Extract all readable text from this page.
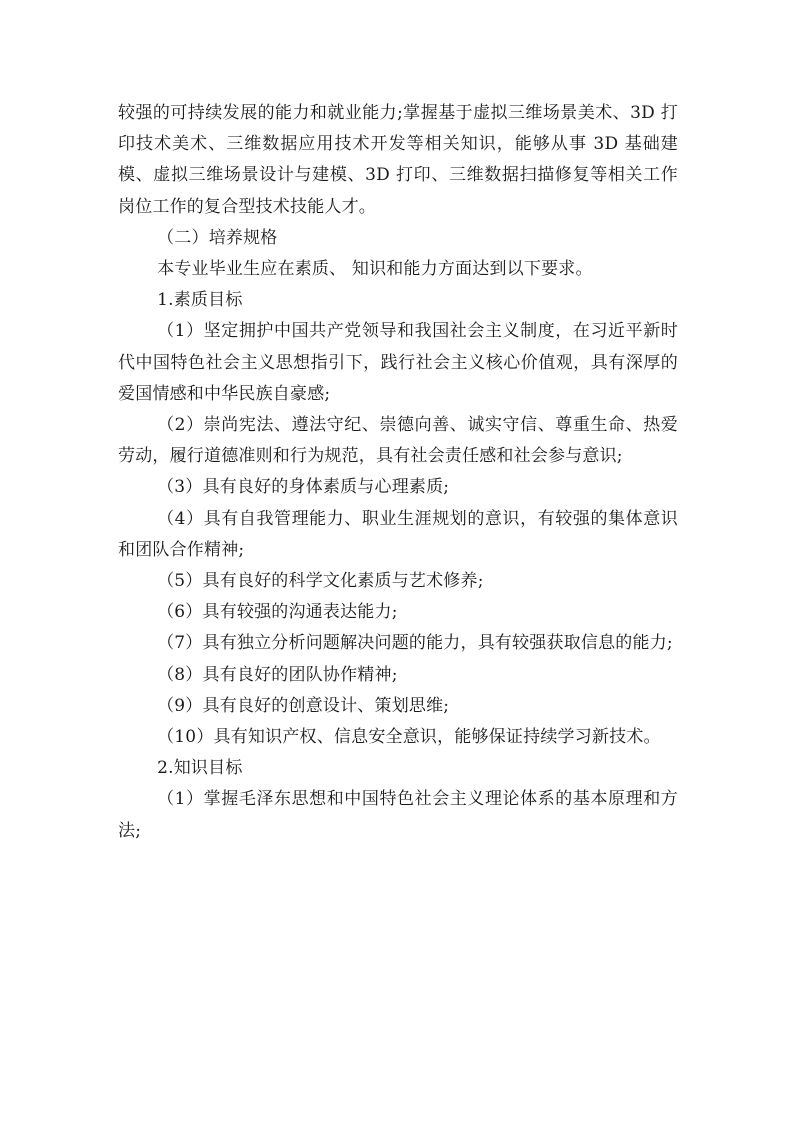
较强的可持续发展的能力和就业能力;掌握基于虚拟三维场景美术、3D 打印技术美术、三维数据应用技术开发等相关知识，能够从事 3D 基础建模、虚拟三维场景设计与建模、3D 打印、三维数据扫描修复等相关工作岗位工作的复合型技术技能人才。

（二）培养规格

本专业毕业生应在素质、 知识和能力方面达到以下要求。

1.素质目标

（1）坚定拥护中国共产党领导和我国社会主义制度，在习近平新时代中国特色社会主义思想指引下，践行社会主义核心价值观，具有深厚的爱国情感和中华民族自豪感;

（2）崇尚宪法、遵法守纪、崇德向善、诚实守信、尊重生命、热爱劳动，履行道德准则和行为规范，具有社会责任感和社会参与意识;

（3）具有良好的身体素质与心理素质;

（4）具有自我管理能力、职业生涯规划的意识，有较强的集体意识和团队合作精神;

（5）具有良好的科学文化素质与艺术修养;

（6）具有较强的沟通表达能力;

（7）具有独立分析问题解决问题的能力，具有较强获取信息的能力;

（8）具有良好的团队协作精神;

（9）具有良好的创意设计、策划思维;

（10）具有知识产权、信息安全意识，能够保证持续学习新技术。

2.知识目标

（1）掌握毛泽东思想和中国特色社会主义理论体系的基本原理和方法;
